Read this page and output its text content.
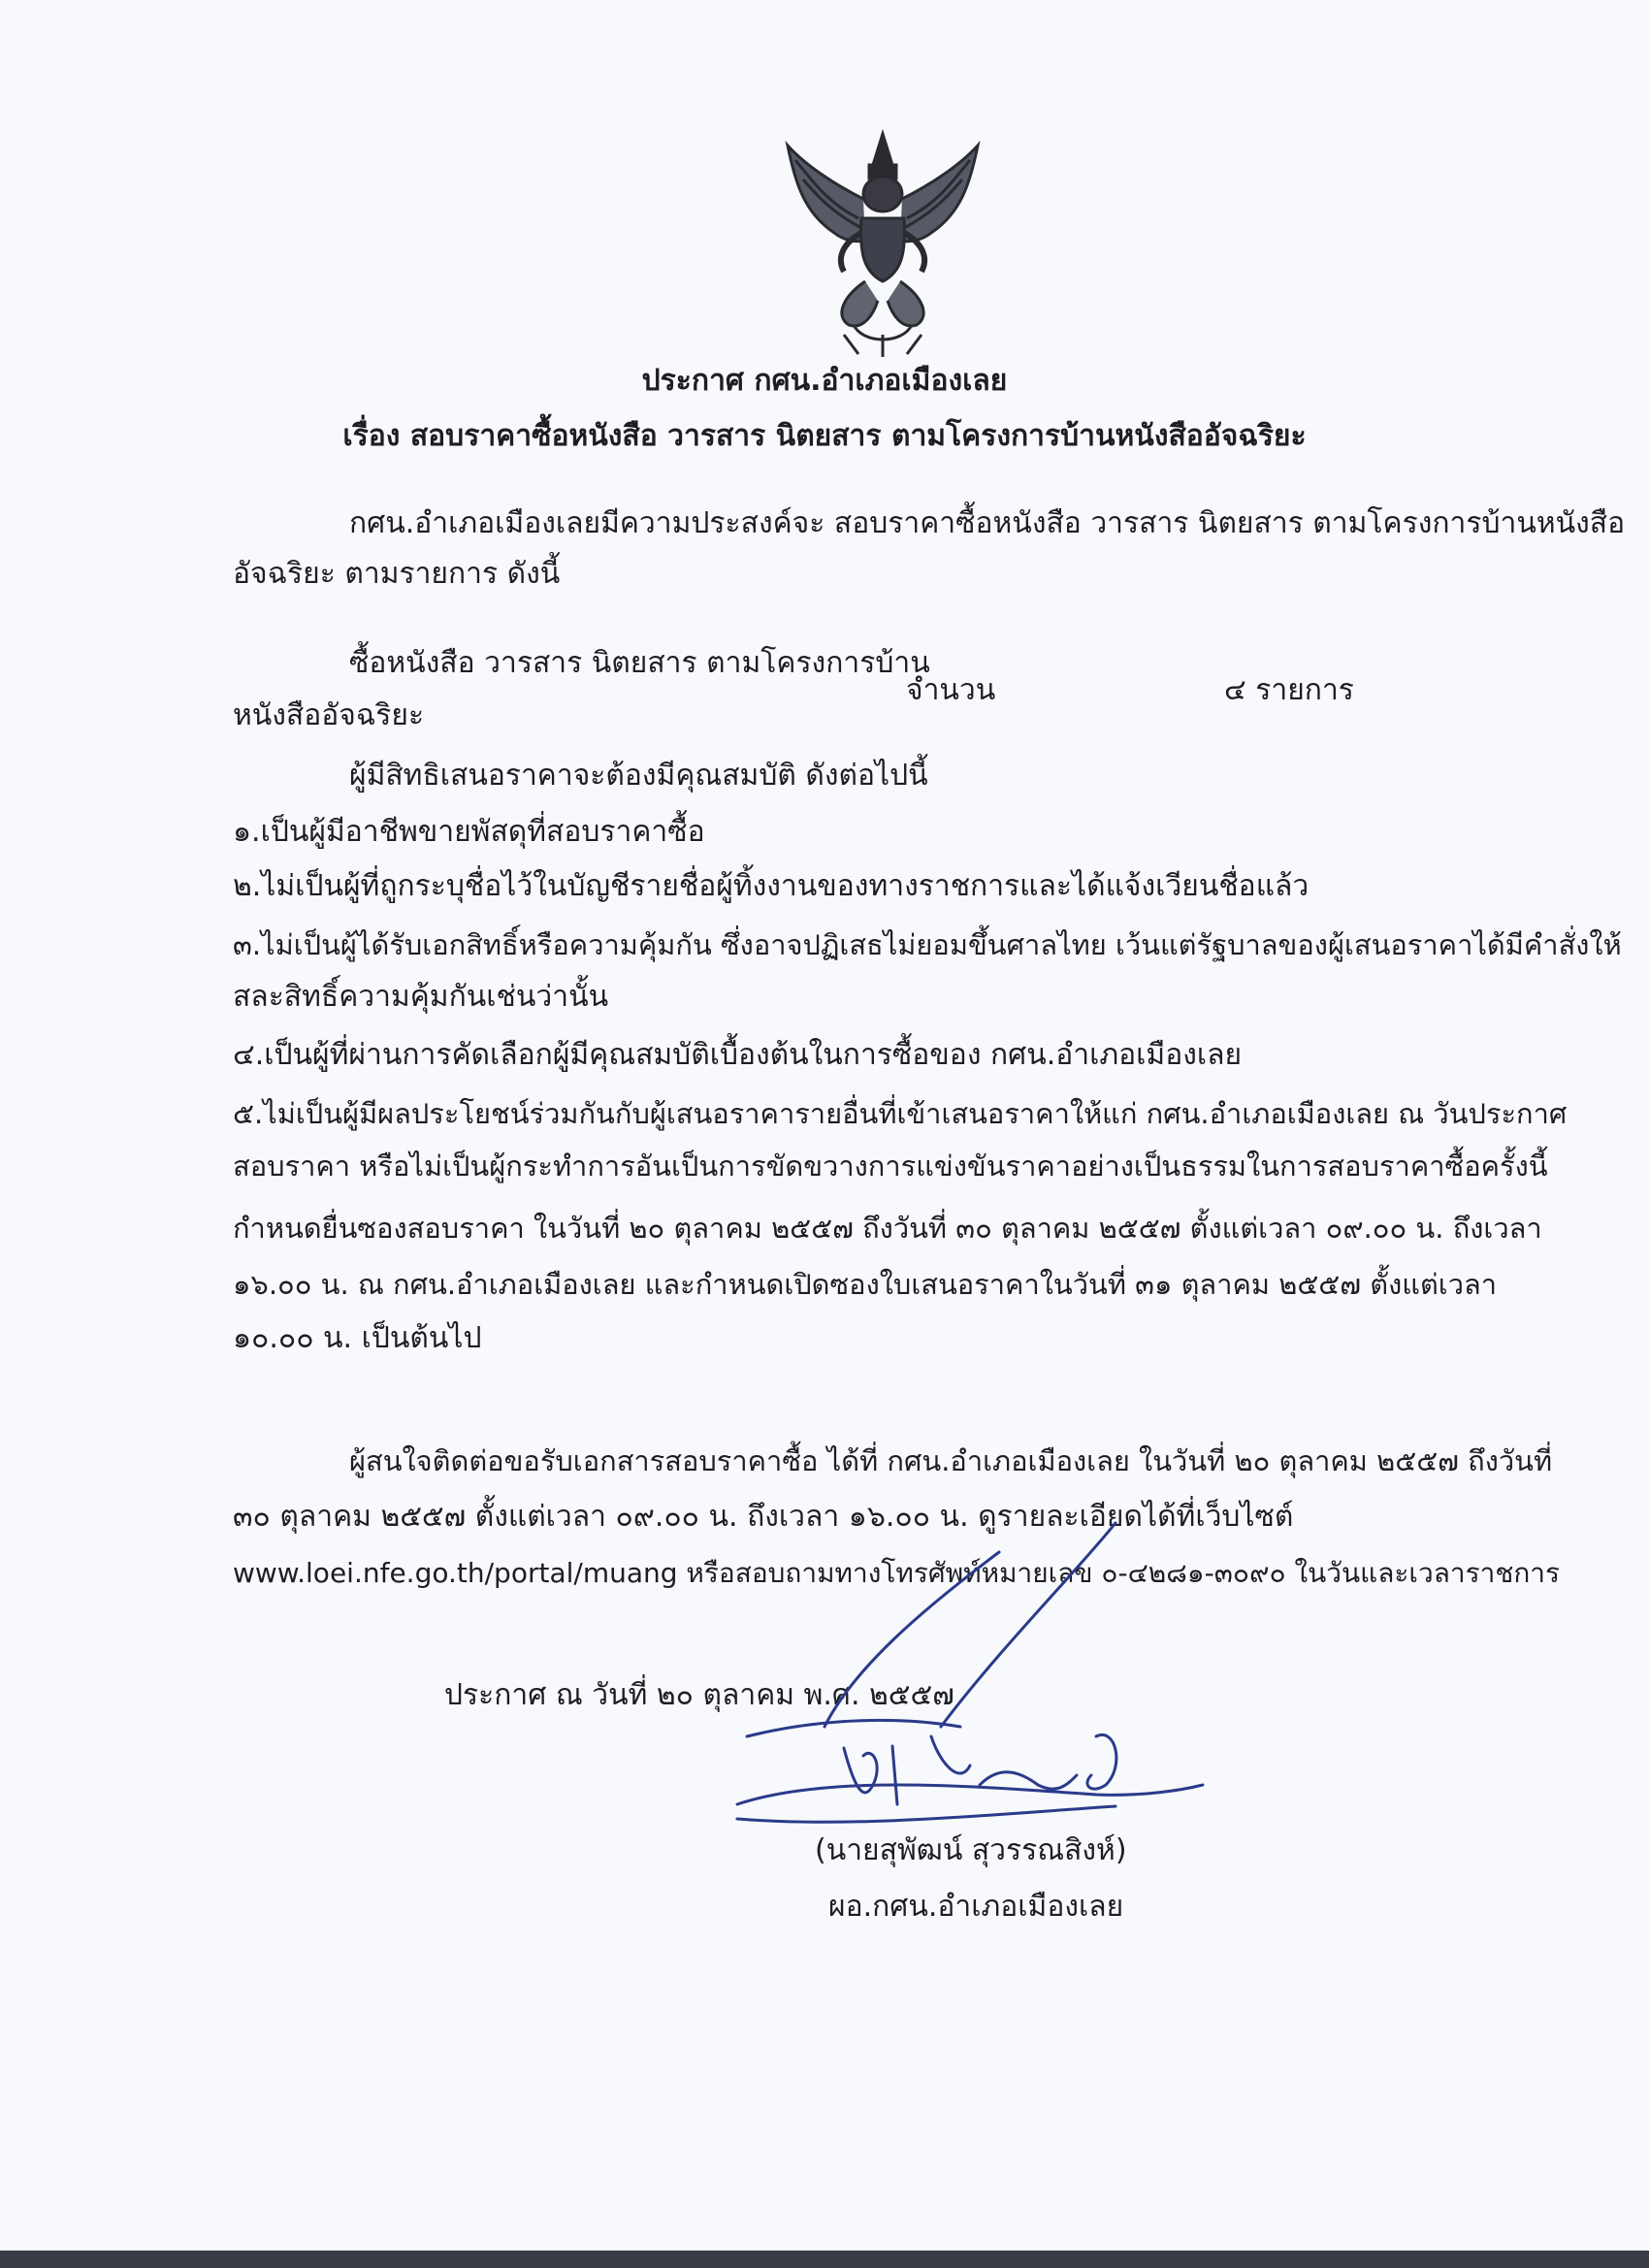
ประกาศ กศน.อำเภอเมืองเลย
เรื่อง สอบราคาซื้อหนังสือ วารสาร นิตยสาร ตามโครงการบ้านหนังสืออัจฉริยะ
กศน.อำเภอเมืองเลยมีความประสงค์จะ สอบราคาซื้อหนังสือ วารสาร นิตยสาร ตามโครงการบ้านหนังสือ
อัจฉริยะ ตามรายการ ดังนี้
ซื้อหนังสือ วารสาร นิตยสาร ตามโครงการบ้าน
หนังสืออัจฉริยะ
จำนวน	๔ รายการ
ผู้มีสิทธิเสนอราคาจะต้องมีคุณสมบัติ ดังต่อไปนี้
๑.เป็นผู้มีอาชีพขายพัสดุที่สอบราคาซื้อ
๒.ไม่เป็นผู้ที่ถูกระบุชื่อไว้ในบัญชีรายชื่อผู้ทิ้งงานของทางราชการและได้แจ้งเวียนชื่อแล้ว
๓.ไม่เป็นผู้ได้รับเอกสิทธิ์หรือความคุ้มกัน ซึ่งอาจปฏิเสธไม่ยอมขึ้นศาลไทย เว้นแต่รัฐบาลของผู้เสนอราคาได้มีคำสั่งให้
สละสิทธิ์ความคุ้มกันเช่นว่านั้น
๔.เป็นผู้ที่ผ่านการคัดเลือกผู้มีคุณสมบัติเบื้องต้นในการซื้อของ กศน.อำเภอเมืองเลย
๕.ไม่เป็นผู้มีผลประโยชน์ร่วมกันกับผู้เสนอราคารายอื่นที่เข้าเสนอราคาให้แก่ กศน.อำเภอเมืองเลย ณ วันประกาศ
สอบราคา หรือไม่เป็นผู้กระทำการอันเป็นการขัดขวางการแข่งขันราคาอย่างเป็นธรรมในการสอบราคาซื้อครั้งนี้
กำหนดยื่นซองสอบราคา ในวันที่ ๒๐ ตุลาคม ๒๕๕๗ ถึงวันที่ ๓๐ ตุลาคม ๒๕๕๗ ตั้งแต่เวลา ๐๙.๐๐ น. ถึงเวลา
๑๖.๐๐ น. ณ กศน.อำเภอเมืองเลย และกำหนดเปิดซองใบเสนอราคาในวันที่ ๓๑ ตุลาคม ๒๕๕๗ ตั้งแต่เวลา
๑๐.๐๐ น. เป็นต้นไป
ผู้สนใจติดต่อขอรับเอกสารสอบราคาซื้อ ได้ที่ กศน.อำเภอเมืองเลย ในวันที่ ๒๐ ตุลาคม ๒๕๕๗ ถึงวันที่
๓๐ ตุลาคม ๒๕๕๗ ตั้งแต่เวลา ๐๙.๐๐ น. ถึงเวลา ๑๖.๐๐ น. ดูรายละเอียดได้ที่เว็บไซต์
www.loei.nfe.go.th/portal/muang หรือสอบถามทางโทรศัพท์หมายเลข ๐-๔๒๘๑-๓๐๙๐ ในวันและเวลาราชการ
ประกาศ ณ วันที่ ๒๐ ตุลาคม พ.ศ. ๒๕๕๗
(นายสุพัฒน์ สุวรรณสิงห์)
ผอ.กศน.อำเภอเมืองเลย
